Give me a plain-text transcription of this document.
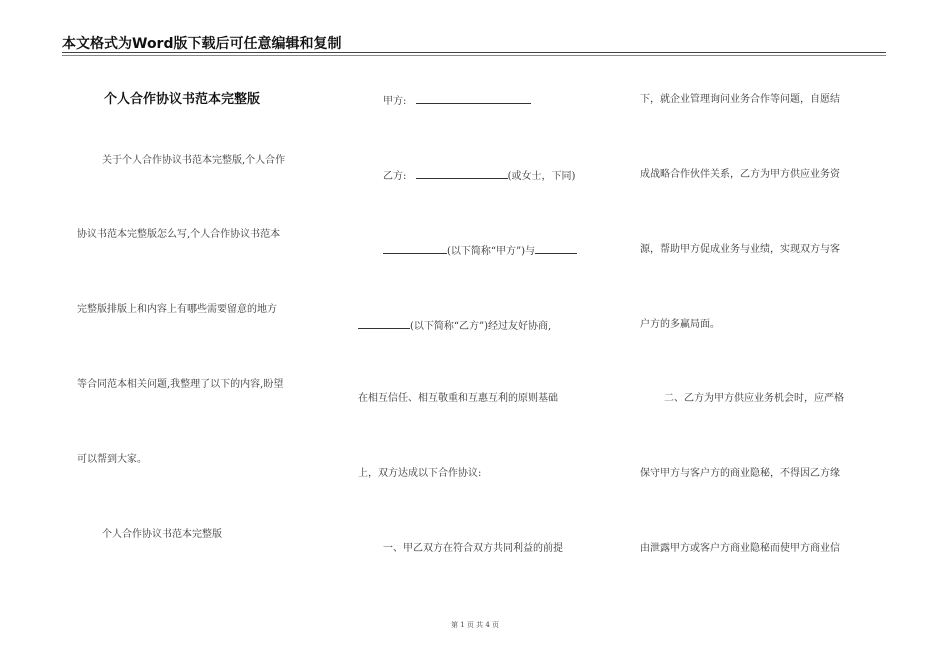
本文格式为Word版下载后可任意编辑和复制
个人合作协议书范本完整版
关于个人合作协议书范本完整版,个人合作
协议书范本完整版怎么写,个人合作协议书范本
完整版排版上和内容上有哪些需要留意的地方
等合同范本相关问题,我整理了以下的内容,盼望
可以帮到大家。
个人合作协议书范本完整版
甲方:
乙方:	(或女士，下同)
(以下简称“甲方”)与
(以下简称“乙方”)经过友好协商,
在相互信任、相互敬重和互惠互利的原则基础
上，双方达成以下合作协议:
一、甲乙双方在符合双方共同利益的前提
下，就企业管理询问业务合作等问题，自愿结
成战略合作伙伴关系，乙方为甲方供应业务资
源，帮助甲方促成业务与业绩，实现双方与客
户方的多赢局面。
二、乙方为甲方供应业务机会时，应严格
保守甲方与客户方的商业隐秘，不得因乙方缘
由泄露甲方或客户方商业隐秘而使甲方商业信
第 1 页 共 4 页
